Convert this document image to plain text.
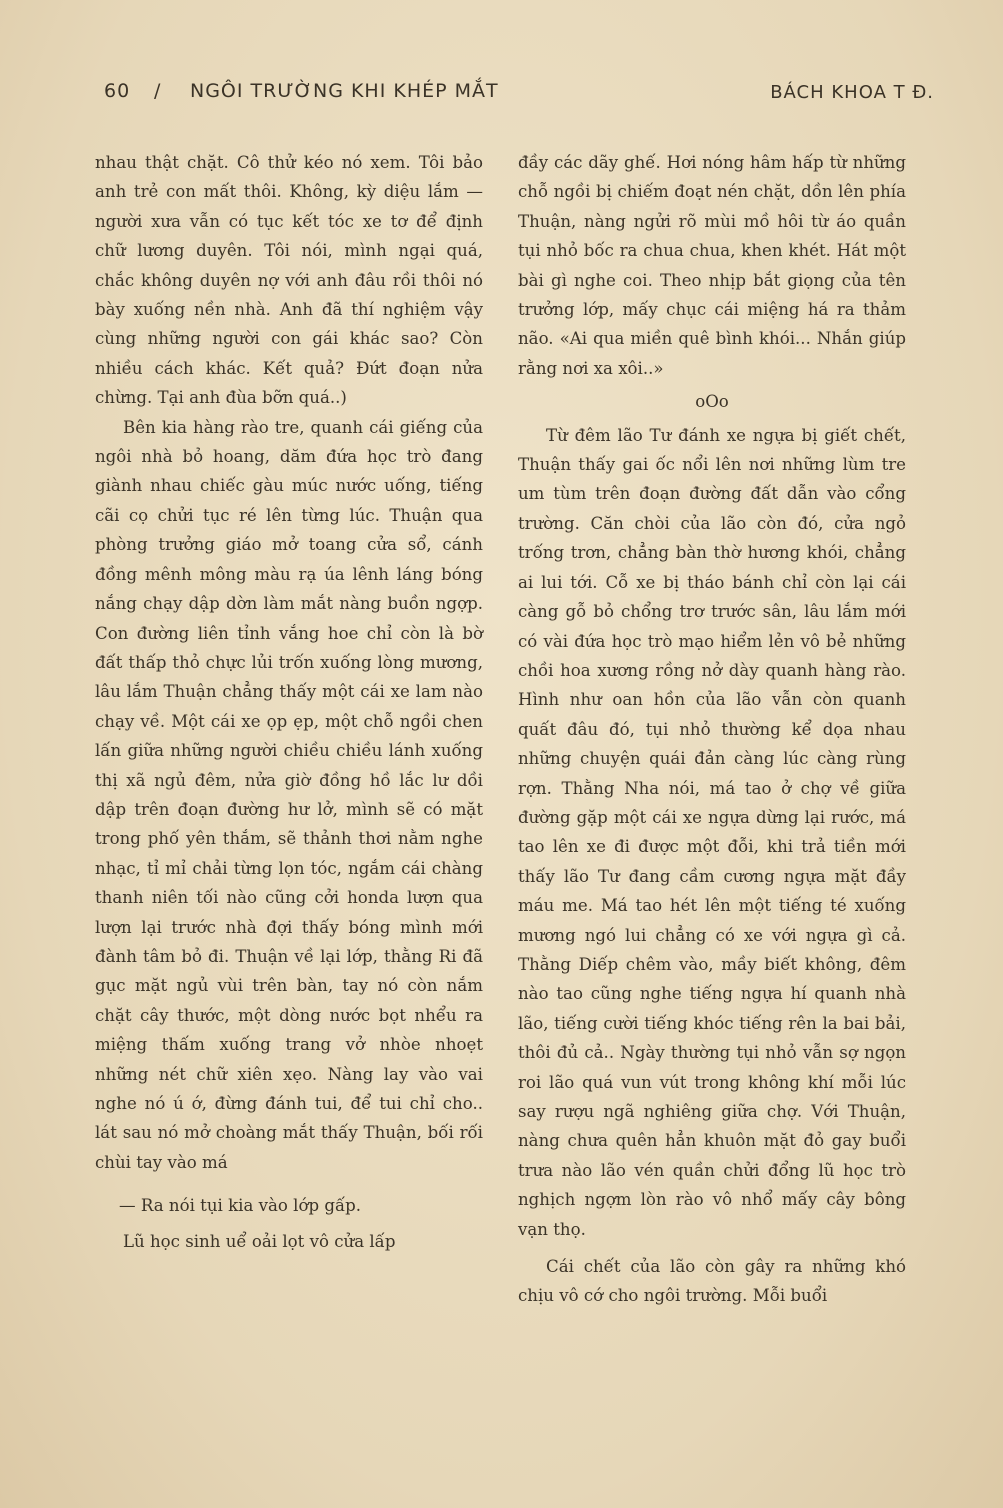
60 / NGÔI TRƯỜNG KHI KHÉP MẮT	BÁCH KHOA T Đ.

nhau thật chặt. Cô thử kéo nó xem. Tôi bảo anh trẻ con mất thôi. Không, kỳ diệu lắm — người xưa vẫn có tục kết tóc xe tơ để định chữ lương duyên. Tôi nói, mình ngại quá, chắc không duyên nợ với anh đâu rồi thôi nó bày xuống nền nhà. Anh đã thí nghiệm vậy cùng những người con gái khác sao? Còn nhiều cách khác. Kết quả? Đứt đoạn nửa chừng. Tại anh đùa bỡn quá..)

Bên kia hàng rào tre, quanh cái giếng của ngôi nhà bỏ hoang, dăm đứa học trò đang giành nhau chiếc gàu múc nước uống, tiếng cãi cọ chửi tục ré lên từng lúc. Thuận qua phòng trưởng giáo mở toang cửa sổ, cánh đồng mênh mông màu rạ úa lênh láng bóng nắng chạy dập dờn làm mắt nàng buồn ngợp. Con đường liên tỉnh vắng hoe chỉ còn là bờ đất thấp thỏ chực lủi trốn xuống lòng mương, lâu lắm Thuận chẳng thấy một cái xe lam nào chạy về. Một cái xe ọp ẹp, một chỗ ngồi chen lấn giữa những người chiều chiều lánh xuống thị xã ngủ đêm, nửa giờ đồng hồ lắc lư dồi dập trên đoạn đường hư lở, mình sẽ có mặt trong phố yên thắm, sẽ thảnh thơi nằm nghe nhạc, tỉ mỉ chải từng lọn tóc, ngắm cái chàng thanh niên tối nào cũng cởi honda lượn qua lượn lại trước nhà đợi thấy bóng mình mới đành tâm bỏ đi. Thuận về lại lớp, thằng Ri đã gục mặt ngủ vùi trên bàn, tay nó còn nắm chặt cây thước, một dòng nước bọt nhểu ra miệng thấm xuống trang vở nhòe nhoẹt những nét chữ xiên xẹo. Nàng lay vào vai nghe nó ú ớ, đừng đánh tui, để tui chỉ cho.. lát sau nó mở choàng mắt thấy Thuận, bối rối chùi tay vào má

— Ra nói tụi kia vào lớp gấp.

Lũ học sinh uể oải lọt vô cửa lấp

đầy các dãy ghế. Hơi nóng hâm hấp từ những chỗ ngồi bị chiếm đoạt nén chặt, dồn lên phía Thuận, nàng ngửi rõ mùi mồ hôi từ áo quần tụi nhỏ bốc ra chua chua, khen khét. Hát một bài gì nghe coi. Theo nhịp bắt giọng của tên trưởng lớp, mấy chục cái miệng há ra thảm não. «Ai qua miền quê bình khói... Nhắn giúp rằng nơi xa xôi..»

oOo

Từ đêm lão Tư đánh xe ngựa bị giết chết, Thuận thấy gai ốc nổi lên nơi những lùm tre um tùm trên đoạn đường đất dẫn vào cổng trường. Căn chòi của lão còn đó, cửa ngỏ trống trơn, chẳng bàn thờ hương khói, chẳng ai lui tới. Cỗ xe bị tháo bánh chỉ còn lại cái càng gỗ bỏ chổng trơ trước sân, lâu lắm mới có vài đứa học trò mạo hiểm lẻn vô bẻ những chồi hoa xương rồng nở dày quanh hàng rào. Hình như oan hồn của lão vẫn còn quanh quất đâu đó, tụi nhỏ thường kể dọa nhau những chuyện quái đản càng lúc càng rùng rợn. Thằng Nha nói, má tao ở chợ về giữa đường gặp một cái xe ngựa dừng lại rước, má tao lên xe đi được một đỗi, khi trả tiền mới thấy lão Tư đang cầm cương ngựa mặt đầy máu me. Má tao hét lên một tiếng té xuống mương ngó lui chẳng có xe với ngựa gì cả. Thằng Diếp chêm vào, mầy biết không, đêm nào tao cũng nghe tiếng ngựa hí quanh nhà lão, tiếng cười tiếng khóc tiếng rên la bai bải, thôi đủ cả.. Ngày thường tụi nhỏ vẫn sợ ngọn roi lão quá vun vút trong không khí mỗi lúc say rượu ngã nghiêng giữa chợ. Với Thuận, nàng chưa quên hẳn khuôn mặt đỏ gay buổi trưa nào lão vén quần chửi đổng lũ học trò nghịch ngợm lòn rào vô nhổ mấy cây bông vạn thọ.

Cái chết của lão còn gây ra những khó chịu vô cớ cho ngôi trường. Mỗi buổi
